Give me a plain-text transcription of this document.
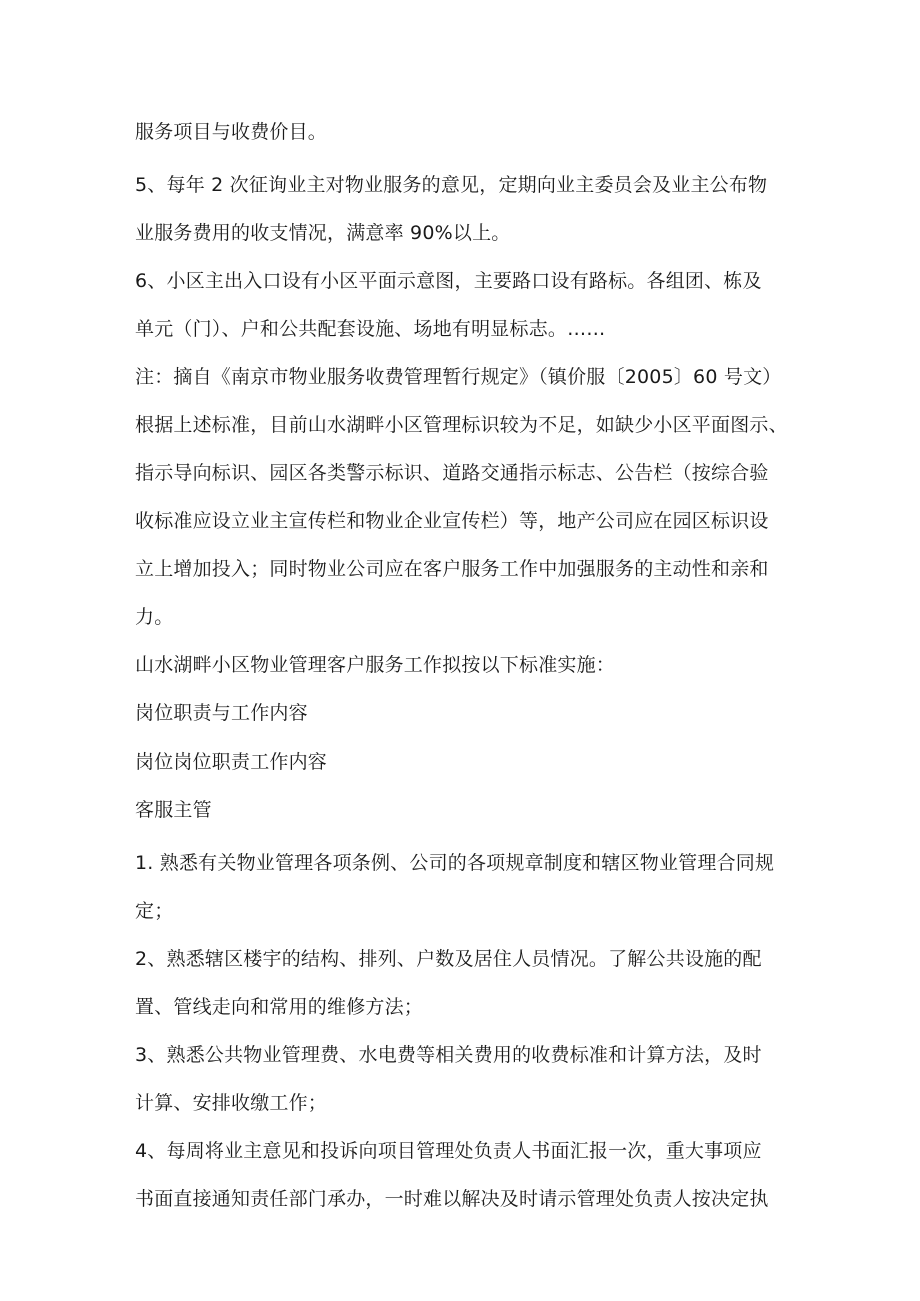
服务项目与收费价目。
5、每年 2 次征询业主对物业服务的意见，定期向业主委员会及业主公布物
业服务费用的收支情况，满意率 90%以上。
6、小区主出入口设有小区平面示意图，主要路口设有路标。各组团、栋及
单元（门）、户和公共配套设施、场地有明显标志。……
注：摘自《南京市物业服务收费管理暂行规定》（镇价服〔2005〕60 号文）
根据上述标准，目前山水湖畔小区管理标识较为不足，如缺少小区平面图示、
指示导向标识、园区各类警示标识、道路交通指示标志、公告栏（按综合验
收标准应设立业主宣传栏和物业企业宣传栏）等，地产公司应在园区标识设
立上增加投入；同时物业公司应在客户服务工作中加强服务的主动性和亲和
力。
山水湖畔小区物业管理客户服务工作拟按以下标准实施：
岗位职责与工作内容
岗位岗位职责工作内容
客服主管
1. 熟悉有关物业管理各项条例、公司的各项规章制度和辖区物业管理合同规
定；
2、熟悉辖区楼宇的结构、排列、户数及居住人员情况。了解公共设施的配
置、管线走向和常用的维修方法；
3、熟悉公共物业管理费、水电费等相关费用的收费标准和计算方法，及时
计算、安排收缴工作；
4、每周将业主意见和投诉向项目管理处负责人书面汇报一次，重大事项应
书面直接通知责任部门承办，一时难以解决及时请示管理处负责人按决定执
